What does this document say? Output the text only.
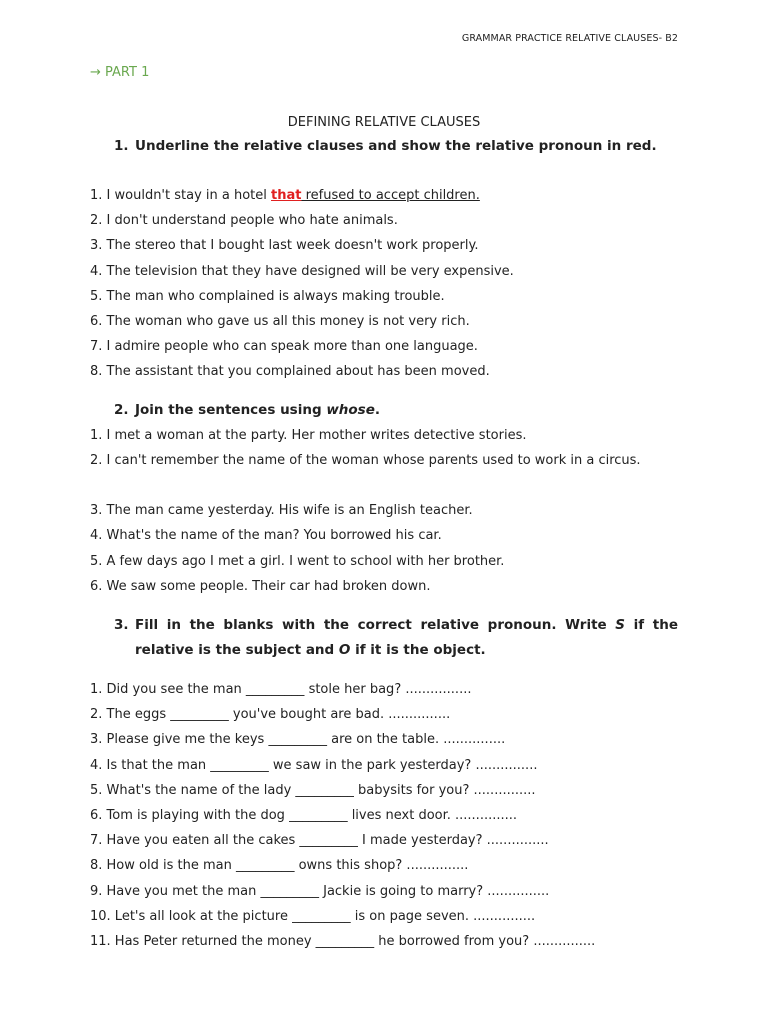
GRAMMAR PRACTICE RELATIVE CLAUSES- B2
→ PART 1
DEFINING RELATIVE CLAUSES
1. Underline the relative clauses and show the relative pronoun in red.
1. I wouldn't stay in a hotel that refused to accept children.
2. I don't understand people who hate animals.
3. The stereo that I bought last week doesn't work properly.
4. The television that they have designed will be very expensive.
5. The man who complained is always making trouble.
6. The woman who gave us all this money is not very rich.
7. I admire people who can speak more than one language.
8. The assistant that you complained about has been moved.
2. Join the sentences using whose.
1. I met a woman at the party. Her mother writes detective stories.
2. I can't remember the name of the woman whose parents used to work in a circus.
3. The man came yesterday. His wife is an English teacher.
4. What's the name of the man? You borrowed his car.
5. A few days ago I met a girl. I went to school with her brother.
6. We saw some people. Their car had broken down.
3. Fill in the blanks with the correct relative pronoun. Write S if the relative is the subject and O if it is the object.
1. Did you see the man _________ stole her bag? ................
2. The eggs _________ you've bought are bad. ...............
3. Please give me the keys _________ are on the table. ...............
4. Is that the man _________ we saw in the park yesterday? ...............
5. What's the name of the lady _________ babysits for you? ...............
6. Tom is playing with the dog _________ lives next door. ...............
7. Have you eaten all the cakes _________ I made yesterday? ...............
8. How old is the man _________ owns this shop? ...............
9. Have you met the man _________ Jackie is going to marry? ...............
10. Let's all look at the picture _________ is on page seven. ...............
11. Has Peter returned the money _________ he borrowed from you? ...............
